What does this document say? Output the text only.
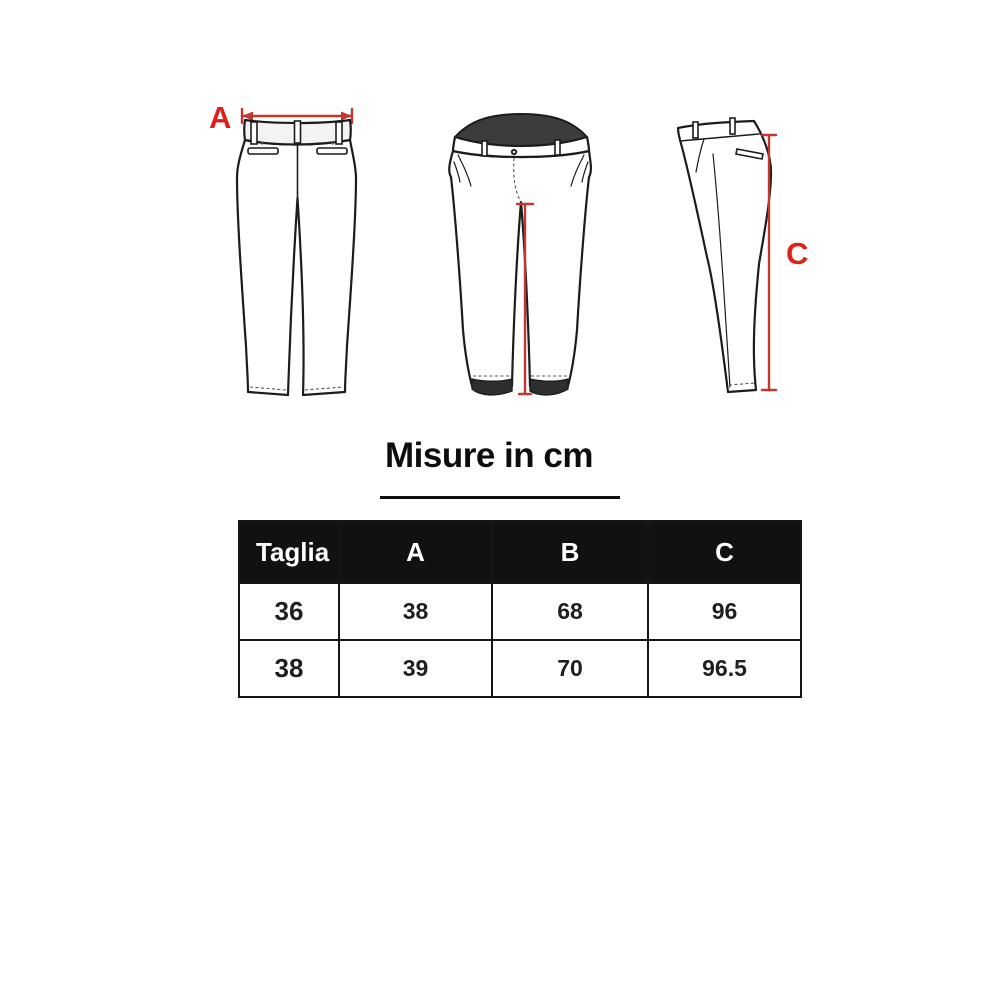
A
C
Misure in cm
Taglia	A	B	C
36	38	68	96
38	39	70	96.5
